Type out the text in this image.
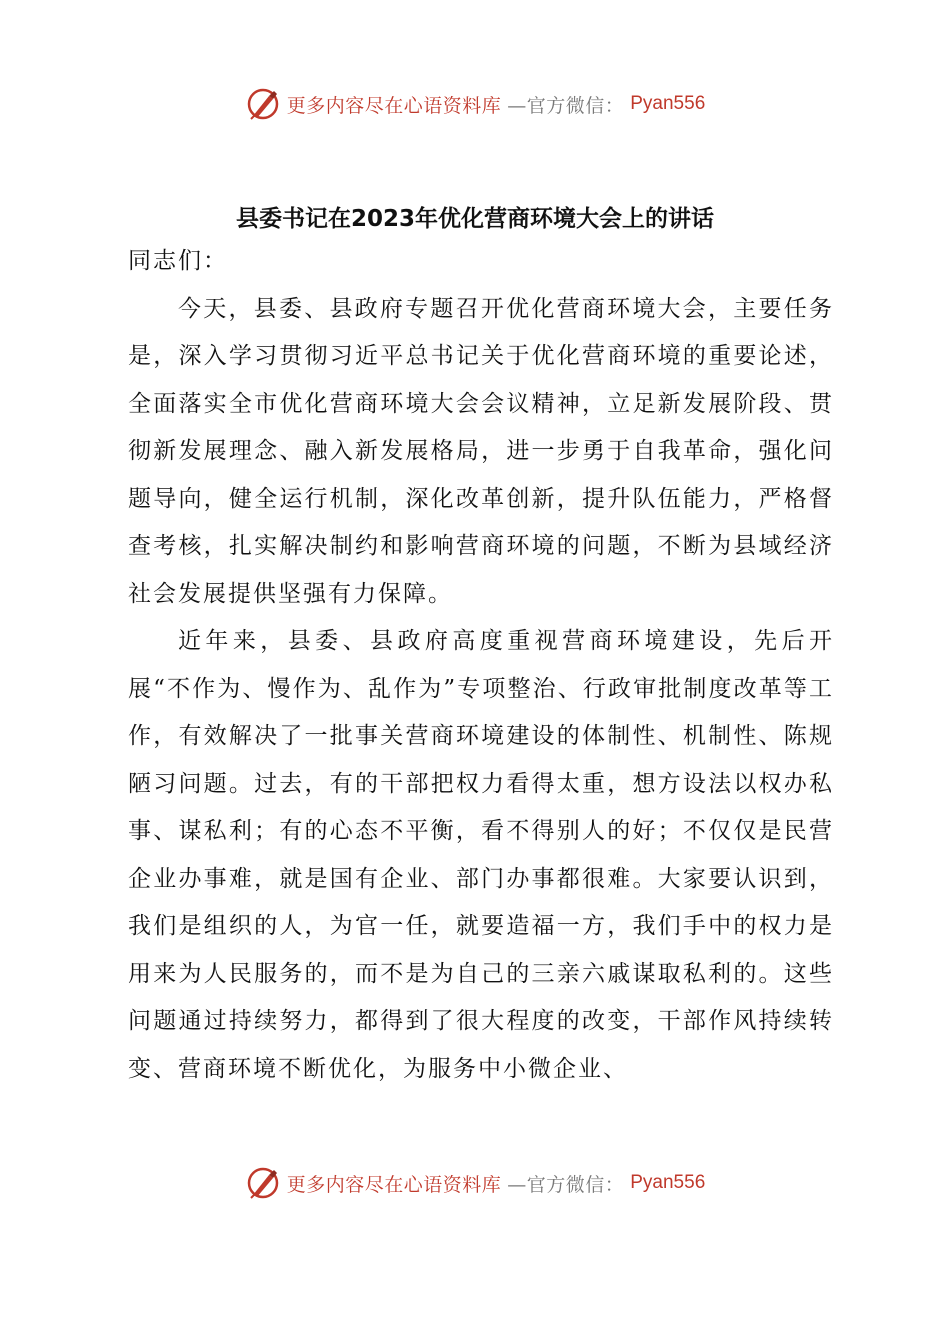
更多内容尽在心语资料库 —官方微信： Pyan556
县委书记在2023年优化营商环境大会上的讲话

同志们：

今天，县委、县政府专题召开优化营商环境大会，主要任务是，深入学习贯彻习近平总书记关于优化营商环境的重要论述，全面落实全市优化营商环境大会会议精神，立足新发展阶段、贯彻新发展理念、融入新发展格局，进一步勇于自我革命，强化问题导向，健全运行机制，深化改革创新，提升队伍能力，严格督查考核，扎实解决制约和影响营商环境的问题，不断为县域经济社会发展提供坚强有力保障。

近年来，县委、县政府高度重视营商环境建设，先后开展“不作为、慢作为、乱作为”专项整治、行政审批制度改革等工作，有效解决了一批事关营商环境建设的体制性、机制性、陈规陋习问题。过去，有的干部把权力看得太重，想方设法以权办私事、谋私利；有的心态不平衡，看不得别人的好；不仅仅是民营企业办事难，就是国有企业、部门办事都很难。大家要认识到，我们是组织的人，为官一任，就要造福一方，我们手中的权力是用来为人民服务的，而不是为自己的三亲六戚谋取私利的。这些问题通过持续努力，都得到了很大程度的改变，干部作风持续转变、营商环境不断优化，为服务中小微企业、

更多内容尽在心语资料库 —官方微信： Pyan556
